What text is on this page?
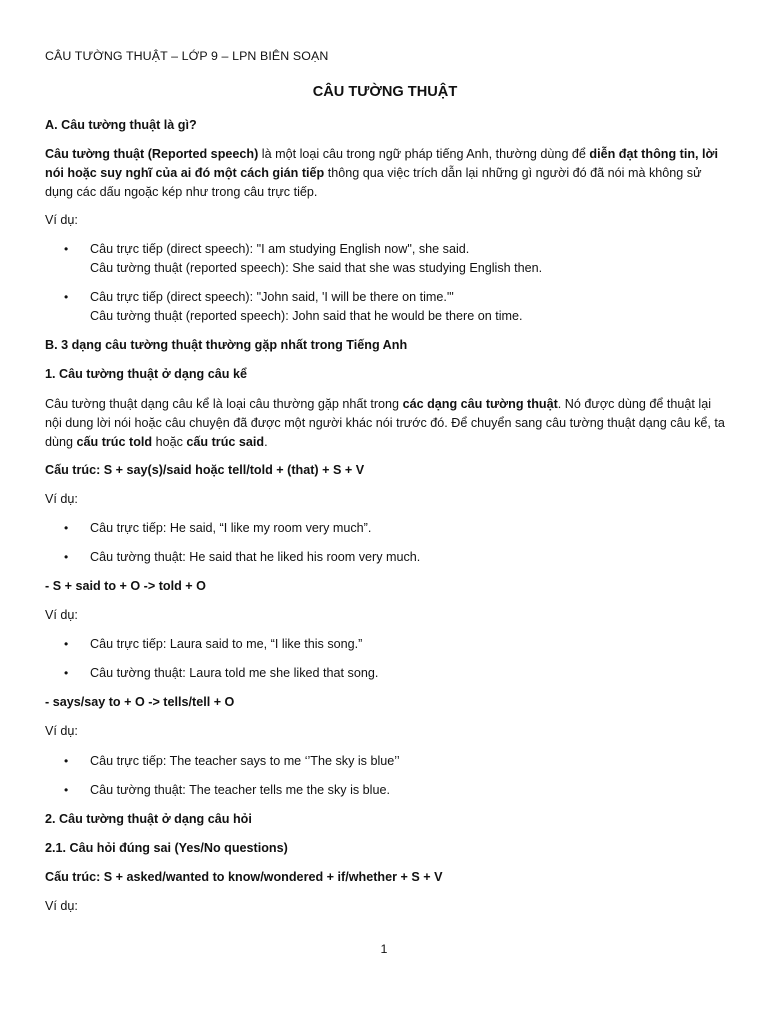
CÂU TƯỜNG THUẬT – LỚP 9 – LPN BIÊN SOẠN
CÂU TƯỜNG THUẬT
A. Câu tường thuật là gì?
Câu tường thuật (Reported speech) là một loại câu trong ngữ pháp tiếng Anh, thường dùng để diễn đạt thông tin, lời nói hoặc suy nghĩ của ai đó một cách gián tiếp thông qua việc trích dẫn lại những gì người đó đã nói mà không sử dụng các dấu ngoặc kép như trong câu trực tiếp.
Ví dụ:
• Câu trực tiếp (direct speech): "I am studying English now", she said.
Câu tường thuật (reported speech): She said that she was studying English then.
• Câu trực tiếp (direct speech): "John said, 'I will be there on time.'"
Câu tường thuật (reported speech): John said that he would be there on time.
B. 3 dạng câu tường thuật thường gặp nhất trong Tiếng Anh
1. Câu tường thuật ở dạng câu kể
Câu tường thuật dạng câu kể là loại câu thường gặp nhất trong các dạng câu tường thuật. Nó được dùng để thuật lại nội dung lời nói hoặc câu chuyện đã được một người khác nói trước đó. Để chuyển sang câu tường thuật dạng câu kể, ta dùng cấu trúc told hoặc cấu trúc said.
Cấu trúc: S + say(s)/said hoặc tell/told + (that) + S + V
Ví dụ:
• Câu trực tiếp: He said, “I like my room very much”.
• Câu tường thuật: He said that he liked his room very much.
- S + said to + O -> told + O
Ví dụ:
• Câu trực tiếp: Laura said to me, “I like this song.”
• Câu tường thuật: Laura told me she liked that song.
- says/say to + O -> tells/tell + O
Ví dụ:
• Câu trực tiếp: The teacher says to me ‘’The sky is blue’’
• Câu tường thuật: The teacher tells me the sky is blue.
2. Câu tường thuật ở dạng câu hỏi
2.1. Câu hỏi đúng sai (Yes/No questions)
Cấu trúc: S + asked/wanted to know/wondered + if/whether + S + V
Ví dụ:
1
